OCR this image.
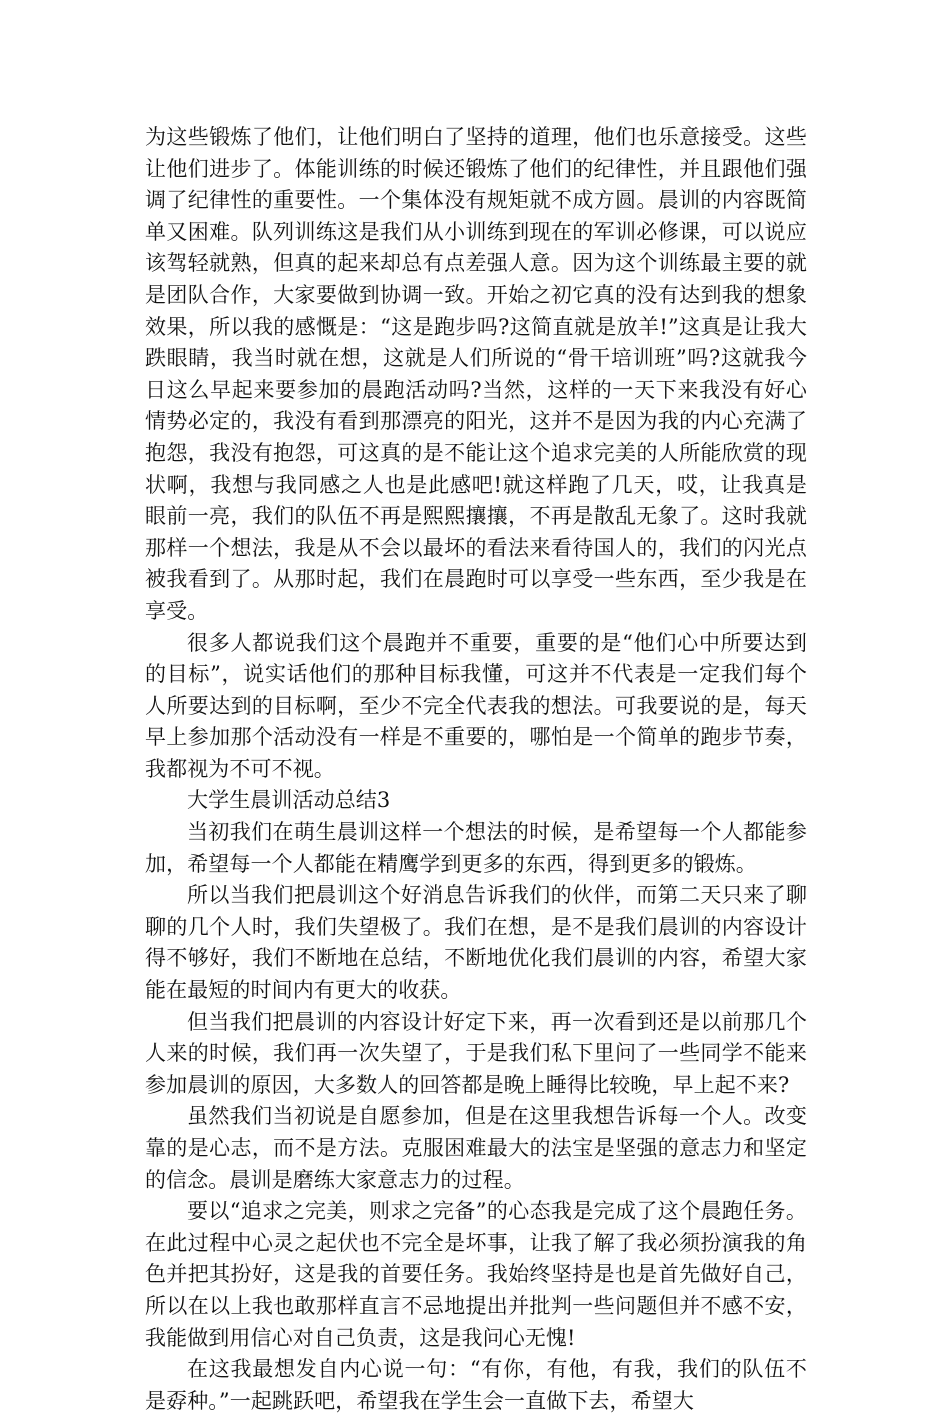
为这些锻炼了他们，让他们明白了坚持的道理，他们也乐意接受。这些让他们进步了。体能训练的时候还锻炼了他们的纪律性，并且跟他们强调了纪律性的重要性。一个集体没有规矩就不成方圆。晨训的内容既简单又困难。队列训练这是我们从小训练到现在的军训必修课，可以说应该驾轻就熟，但真的起来却总有点差强人意。因为这个训练最主要的就是团队合作，大家要做到协调一致。开始之初它真的没有达到我的想象效果，所以我的感慨是：“这是跑步吗?这简直就是放羊!”这真是让我大跌眼睛，我当时就在想，这就是人们所说的“骨干培训班”吗?这就我今日这么早起来要参加的晨跑活动吗?当然，这样的一天下来我没有好心情势必定的，我没有看到那漂亮的阳光，这并不是因为我的内心充满了抱怨，我没有抱怨，可这真的是不能让这个追求完美的人所能欣赏的现状啊，我想与我同感之人也是此感吧!就这样跑了几天，哎，让我真是眼前一亮，我们的队伍不再是熙熙攘攘，不再是散乱无象了。这时我就那样一个想法，我是从不会以最坏的看法来看待国人的，我们的闪光点被我看到了。从那时起，我们在晨跑时可以享受一些东西，至少我是在享受。

很多人都说我们这个晨跑并不重要，重要的是“他们心中所要达到的目标”，说实话他们的那种目标我懂，可这并不代表是一定我们每个人所要达到的目标啊，至少不完全代表我的想法。可我要说的是，每天早上参加那个活动没有一样是不重要的，哪怕是一个简单的跑步节奏，我都视为不可不视。

大学生晨训活动总结3

当初我们在萌生晨训这样一个想法的时候，是希望每一个人都能参加，希望每一个人都能在精鹰学到更多的东西，得到更多的锻炼。

所以当我们把晨训这个好消息告诉我们的伙伴，而第二天只来了聊聊的几个人时，我们失望极了。我们在想，是不是我们晨训的内容设计得不够好，我们不断地在总结，不断地优化我们晨训的内容，希望大家能在最短的时间内有更大的收获。

但当我们把晨训的内容设计好定下来，再一次看到还是以前那几个人来的时候，我们再一次失望了，于是我们私下里问了一些同学不能来参加晨训的原因，大多数人的回答都是晚上睡得比较晚，早上起不来?

虽然我们当初说是自愿参加，但是在这里我想告诉每一个人。改变靠的是心志，而不是方法。克服困难最大的法宝是坚强的意志力和坚定的信念。晨训是磨练大家意志力的过程。

要以“追求之完美，则求之完备”的心态我是完成了这个晨跑任务。在此过程中心灵之起伏也不完全是坏事，让我了解了我必须扮演我的角色并把其扮好，这是我的首要任务。我始终坚持是也是首先做好自己，所以在以上我也敢那样直言不忌地提出并批判一些问题但并不感不安，我能做到用信心对自己负责，这是我问心无愧!

在这我最想发自内心说一句：“有你，有他，有我，我们的队伍不是孬种。”一起跳跃吧，希望我在学生会一直做下去，希望大
